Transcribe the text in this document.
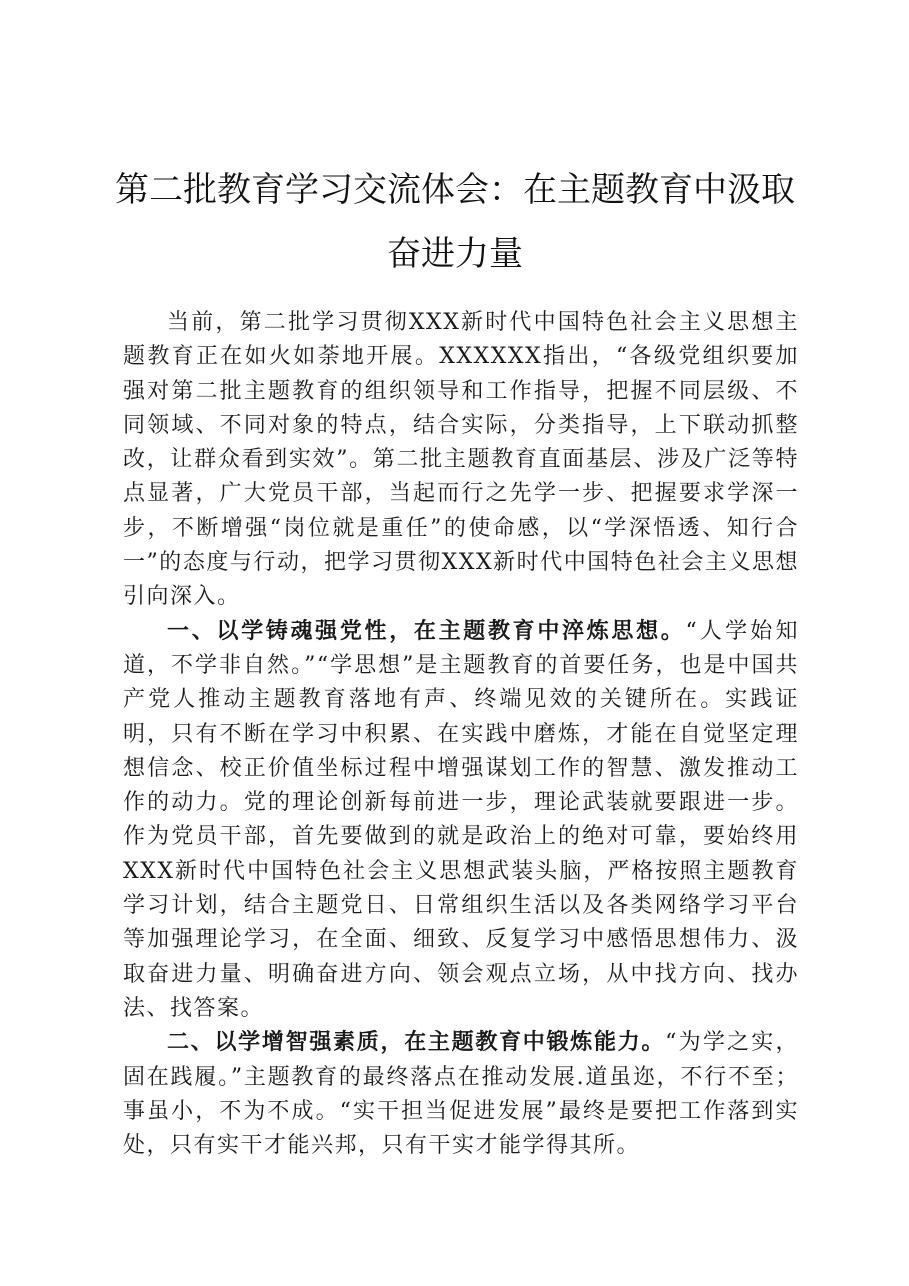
第二批教育学习交流体会：在主题教育中汲取奋进力量

当前，第二批学习贯彻XXX新时代中国特色社会主义思想主题教育正在如火如荼地开展。XXXXXX指出，“各级党组织要加强对第二批主题教育的组织领导和工作指导，把握不同层级、不同领域、不同对象的特点，结合实际，分类指导，上下联动抓整改，让群众看到实效”。第二批主题教育直面基层、涉及广泛等特点显著，广大党员干部，当起而行之先学一步、把握要求学深一步，不断增强“岗位就是重任”的使命感，以“学深悟透、知行合一”的态度与行动，把学习贯彻XXX新时代中国特色社会主义思想引向深入。

一、以学铸魂强党性，在主题教育中淬炼思想。“人学始知道，不学非自然。”“学思想”是主题教育的首要任务，也是中国共产党人推动主题教育落地有声、终端见效的关键所在。实践证明，只有不断在学习中积累、在实践中磨炼，才能在自觉坚定理想信念、校正价值坐标过程中增强谋划工作的智慧、激发推动工作的动力。党的理论创新每前进一步，理论武装就要跟进一步。作为党员干部，首先要做到的就是政治上的绝对可靠，要始终用XXX新时代中国特色社会主义思想武装头脑，严格按照主题教育学习计划，结合主题党日、日常组织生活以及各类网络学习平台等加强理论学习，在全面、细致、反复学习中感悟思想伟力、汲取奋进力量、明确奋进方向、领会观点立场，从中找方向、找办法、找答案。

二、以学增智强素质，在主题教育中锻炼能力。“为学之实，固在践履。”主题教育的最终落点在推动发展.道虽迩，不行不至；事虽小，不为不成。“实干担当促进发展”最终是要把工作落到实处，只有实干才能兴邦，只有干实才能学得其所。
